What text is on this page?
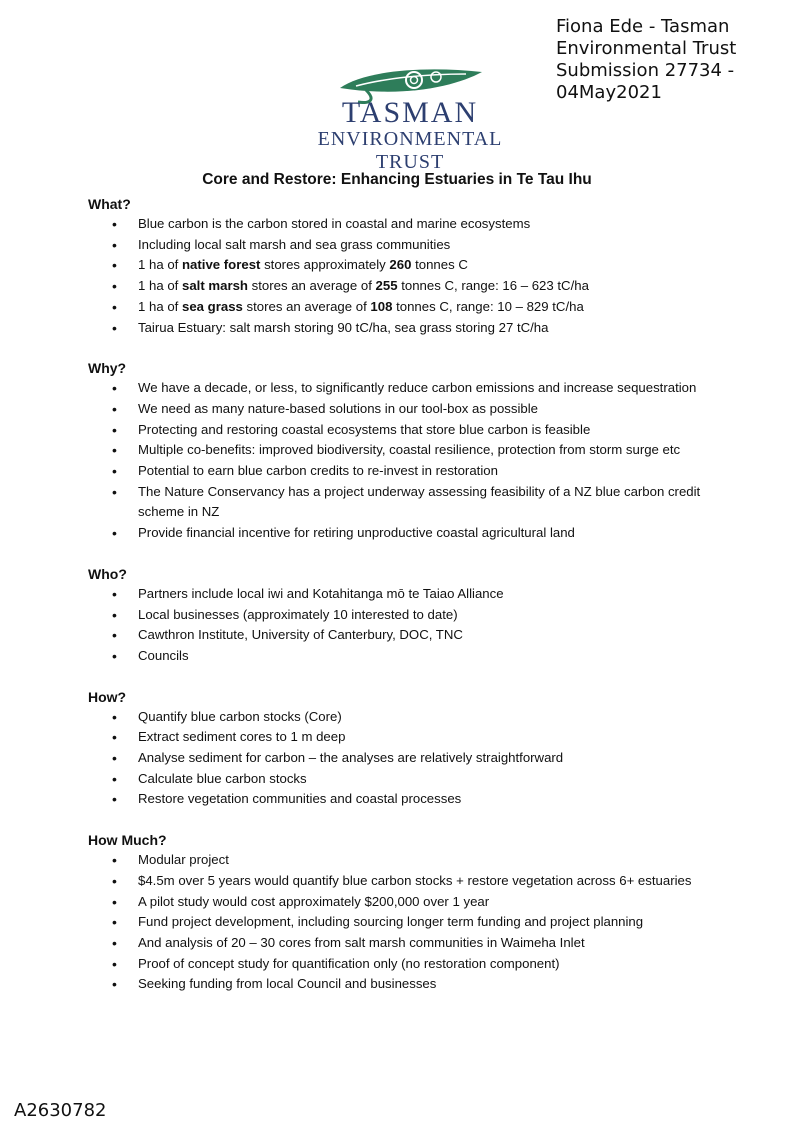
Fiona Ede - Tasman
Environmental Trust
Submission 27734 -
04May2021
TASMAN
ENVIRONMENTAL TRUST
Core and Restore: Enhancing Estuaries in Te Tau Ihu
What?
• Blue carbon is the carbon stored in coastal and marine ecosystems
• Including local salt marsh and sea grass communities
• 1 ha of native forest stores approximately 260 tonnes C
• 1 ha of salt marsh stores an average of 255 tonnes C, range: 16 – 623 tC/ha
• 1 ha of sea grass stores an average of 108 tonnes C, range: 10 – 829 tC/ha
• Tairua Estuary: salt marsh storing 90 tC/ha, sea grass storing 27 tC/ha
Why?
• We have a decade, or less, to significantly reduce carbon emissions and increase sequestration
• We need as many nature-based solutions in our tool-box as possible
• Protecting and restoring coastal ecosystems that store blue carbon is feasible
• Multiple co-benefits: improved biodiversity, coastal resilience, protection from storm surge etc
• Potential to earn blue carbon credits to re-invest in restoration
• The Nature Conservancy has a project underway assessing feasibility of a NZ blue carbon credit scheme in NZ
• Provide financial incentive for retiring unproductive coastal agricultural land
Who?
• Partners include local iwi and Kotahitanga mō te Taiao Alliance
• Local businesses (approximately 10 interested to date)
• Cawthron Institute, University of Canterbury, DOC, TNC
• Councils
How?
• Quantify blue carbon stocks (Core)
• Extract sediment cores to 1 m deep
• Analyse sediment for carbon – the analyses are relatively straightforward
• Calculate blue carbon stocks
• Restore vegetation communities and coastal processes
How Much?
• Modular project
• $4.5m over 5 years would quantify blue carbon stocks + restore vegetation across 6+ estuaries
• A pilot study would cost approximately $200,000 over 1 year
• Fund project development, including sourcing longer term funding and project planning
• And analysis of 20 – 30 cores from salt marsh communities in Waimeha Inlet
• Proof of concept study for quantification only (no restoration component)
• Seeking funding from local Council and businesses
A2630782
